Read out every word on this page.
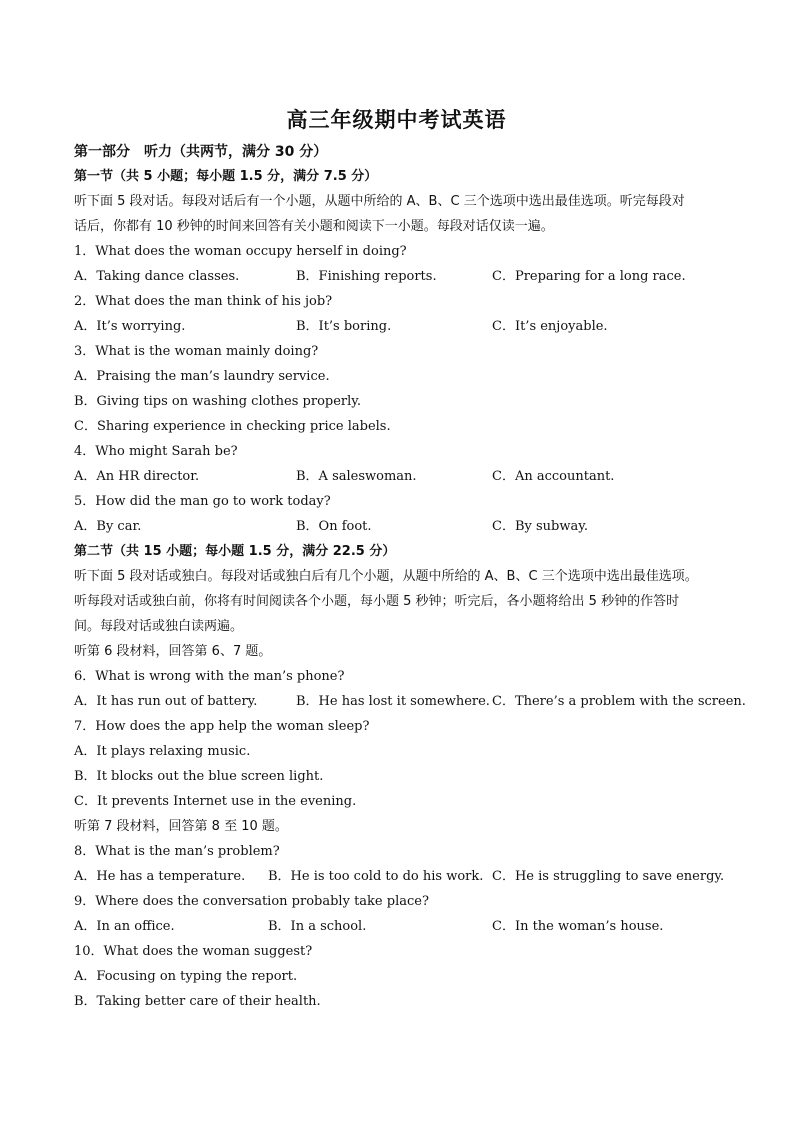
高三年级期中考试英语
第一部分　听力（共两节，满分 30 分）
第一节（共 5 小题；每小题 1.5 分，满分 7.5 分）
听下面 5 段对话。每段对话后有一个小题，从题中所给的 A、B、C 三个选项中选出最佳选项。听完每段对
话后，你都有 10 秒钟的时间来回答有关小题和阅读下一小题。每段对话仅读一遍。
1．What does the woman occupy herself in doing?
A．Taking dance classes.	B．Finishing reports.	C．Preparing for a long race.
2．What does the man think of his job?
A．It’s worrying.	B．It’s boring.	C．It’s enjoyable.
3．What is the woman mainly doing?
A．Praising the man’s laundry service.
B．Giving tips on washing clothes properly.
C．Sharing experience in checking price labels.
4．Who might Sarah be?
A．An HR director.	B．A saleswoman.	C．An accountant.
5．How did the man go to work today?
A．By car.	B．On foot.	C．By subway.
第二节（共 15 小题；每小题 1.5 分，满分 22.5 分）
听下面 5 段对话或独白。每段对话或独白后有几个小题，从题中所给的 A、B、C 三个选项中选出最佳选项。
听每段对话或独白前，你将有时间阅读各个小题，每小题 5 秒钟；听完后，各小题将给出 5 秒钟的作答时
间。每段对话或独白读两遍。
听第 6 段材料，回答第 6、7 题。
6．What is wrong with the man’s phone?
A．It has run out of battery.	B．He has lost it somewhere. C．There’s a problem with the screen.
7．How does the app help the woman sleep?
A．It plays relaxing music.
B．It blocks out the blue screen light.
C．It prevents Internet use in the evening.
听第 7 段材料，回答第 8 至 10 题。
8．What is the man’s problem?
A．He has a temperature. B．He is too cold to do his work. C．He is struggling to save energy.
9．Where does the conversation probably take place?
A．In an office.	B．In a school.	C．In the woman’s house.
10．What does the woman suggest?
A．Focusing on typing the report.
B．Taking better care of their health.
